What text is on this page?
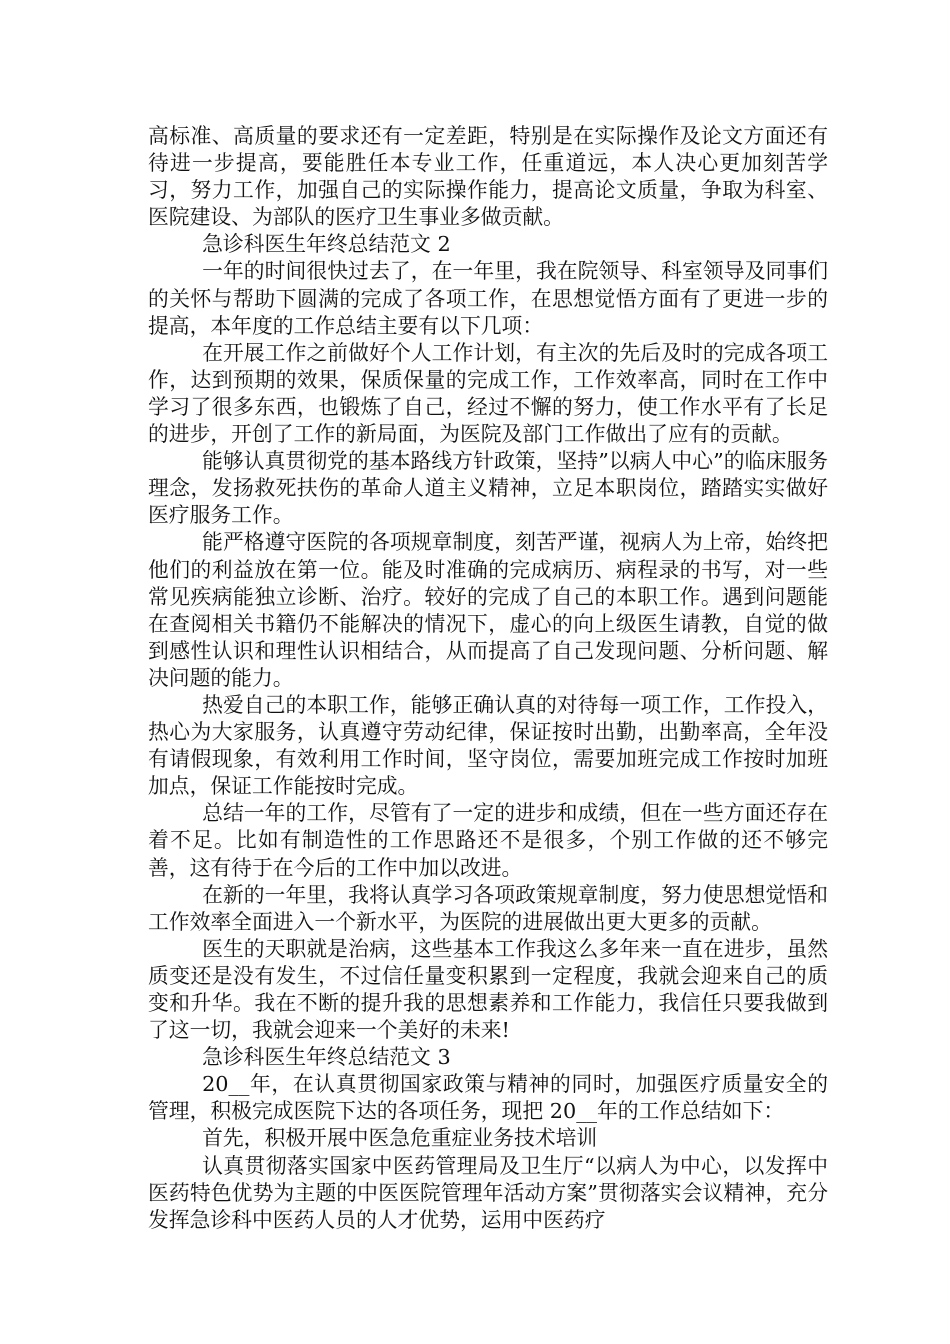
高标准、高质量的要求还有一定差距，特别是在实际操作及论文方面还有待进一步提高，要能胜任本专业工作，任重道远，本人决心更加刻苦学习，努力工作，加强自己的实际操作能力，提高论文质量，争取为科室、医院建设、为部队的医疗卫生事业多做贡献。

急诊科医生年终总结范文 2

一年的时间很快过去了，在一年里，我在院领导、科室领导及同事们的关怀与帮助下圆满的完成了各项工作，在思想觉悟方面有了更进一步的提高，本年度的工作总结主要有以下几项：

在开展工作之前做好个人工作计划，有主次的先后及时的完成各项工作，达到预期的效果，保质保量的完成工作，工作效率高，同时在工作中学习了很多东西，也锻炼了自己，经过不懈的努力，使工作水平有了长足的进步，开创了工作的新局面，为医院及部门工作做出了应有的贡献。

能够认真贯彻党的基本路线方针政策，坚持”以病人中心”的临床服务理念，发扬救死扶伤的革命人道主义精神，立足本职岗位，踏踏实实做好医疗服务工作。

能严格遵守医院的各项规章制度，刻苦严谨，视病人为上帝，始终把他们的利益放在第一位。能及时准确的完成病历、病程录的书写，对一些常见疾病能独立诊断、治疗。较好的完成了自己的本职工作。遇到问题能在查阅相关书籍仍不能解决的情况下，虚心的向上级医生请教，自觉的做到感性认识和理性认识相结合，从而提高了自己发现问题、分析问题、解决问题的能力。

热爱自己的本职工作，能够正确认真的对待每一项工作，工作投入，热心为大家服务，认真遵守劳动纪律，保证按时出勤，出勤率高，全年没有请假现象，有效利用工作时间，坚守岗位，需要加班完成工作按时加班加点，保证工作能按时完成。

总结一年的工作，尽管有了一定的进步和成绩，但在一些方面还存在着不足。比如有制造性的工作思路还不是很多，个别工作做的还不够完善，这有待于在今后的工作中加以改进。

在新的一年里，我将认真学习各项政策规章制度，努力使思想觉悟和工作效率全面进入一个新水平，为医院的进展做出更大更多的贡献。

医生的天职就是治病，这些基本工作我这么多年来一直在进步，虽然质变还是没有发生，不过信任量变积累到一定程度，我就会迎来自己的质变和升华。我在不断的提升我的思想素养和工作能力，我信任只要我做到了这一切，我就会迎来一个美好的未来!

急诊科医生年终总结范文 3

20__年，在认真贯彻国家政策与精神的同时，加强医疗质量安全的管理，积极完成医院下达的各项任务，现把 20__年的工作总结如下：

首先，积极开展中医急危重症业务技术培训

认真贯彻落实国家中医药管理局及卫生厅“以病人为中心，以发挥中医药特色优势为主题的中医医院管理年活动方案”贯彻落实会议精神，充分发挥急诊科中医药人员的人才优势，运用中医药疗
